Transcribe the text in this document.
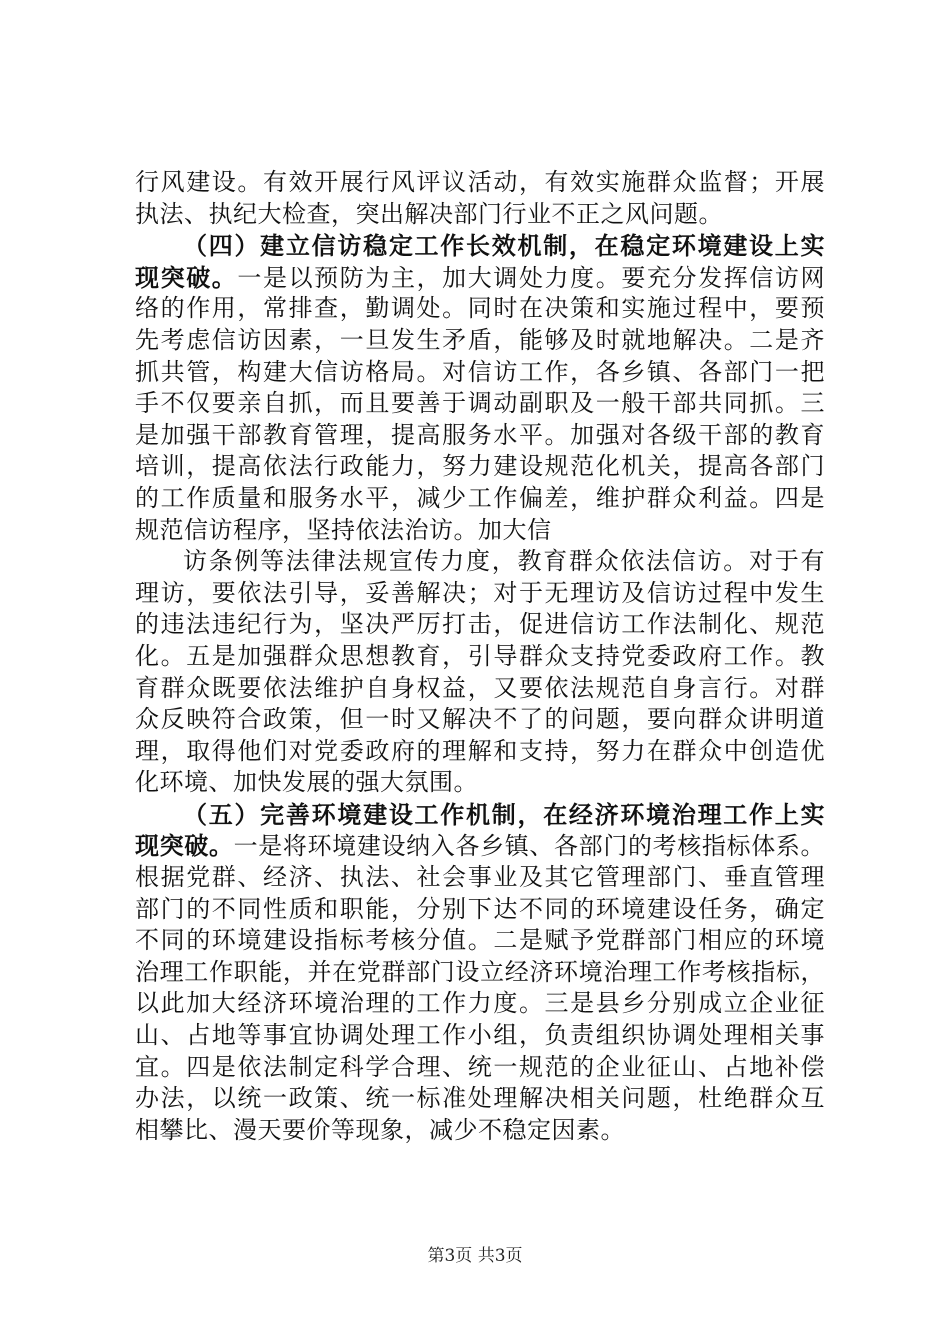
行风建设。有效开展行风评议活动，有效实施群众监督；开展
执法、执纪大检查，突出解决部门行业不正之风问题。
（四）建立信访稳定工作长效机制，在稳定环境建设上实
现突破。一是以预防为主，加大调处力度。要充分发挥信访网
络的作用，常排查，勤调处。同时在决策和实施过程中，要预
先考虑信访因素，一旦发生矛盾，能够及时就地解决。二是齐
抓共管，构建大信访格局。对信访工作，各乡镇、各部门一把
手不仅要亲自抓，而且要善于调动副职及一般干部共同抓。三
是加强干部教育管理，提高服务水平。加强对各级干部的教育
培训，提高依法行政能力，努力建设规范化机关，提高各部门
的工作质量和服务水平，减少工作偏差，维护群众利益。四是
规范信访程序，坚持依法治访。加大信
访条例等法律法规宣传力度，教育群众依法信访。对于有
理访，要依法引导，妥善解决；对于无理访及信访过程中发生
的违法违纪行为，坚决严厉打击，促进信访工作法制化、规范
化。五是加强群众思想教育，引导群众支持党委政府工作。教
育群众既要依法维护自身权益，又要依法规范自身言行。对群
众反映符合政策，但一时又解决不了的问题，要向群众讲明道
理，取得他们对党委政府的理解和支持，努力在群众中创造优
化环境、加快发展的强大氛围。
（五）完善环境建设工作机制，在经济环境治理工作上实
现突破。一是将环境建设纳入各乡镇、各部门的考核指标体系。
根据党群、经济、执法、社会事业及其它管理部门、垂直管理
部门的不同性质和职能，分别下达不同的环境建设任务，确定
不同的环境建设指标考核分值。二是赋予党群部门相应的环境
治理工作职能，并在党群部门设立经济环境治理工作考核指标，
以此加大经济环境治理的工作力度。三是县乡分别成立企业征
山、占地等事宜协调处理工作小组，负责组织协调处理相关事
宜。四是依法制定科学合理、统一规范的企业征山、占地补偿
办法，以统一政策、统一标准处理解决相关问题，杜绝群众互
相攀比、漫天要价等现象，减少不稳定因素。
第3页 共3页
